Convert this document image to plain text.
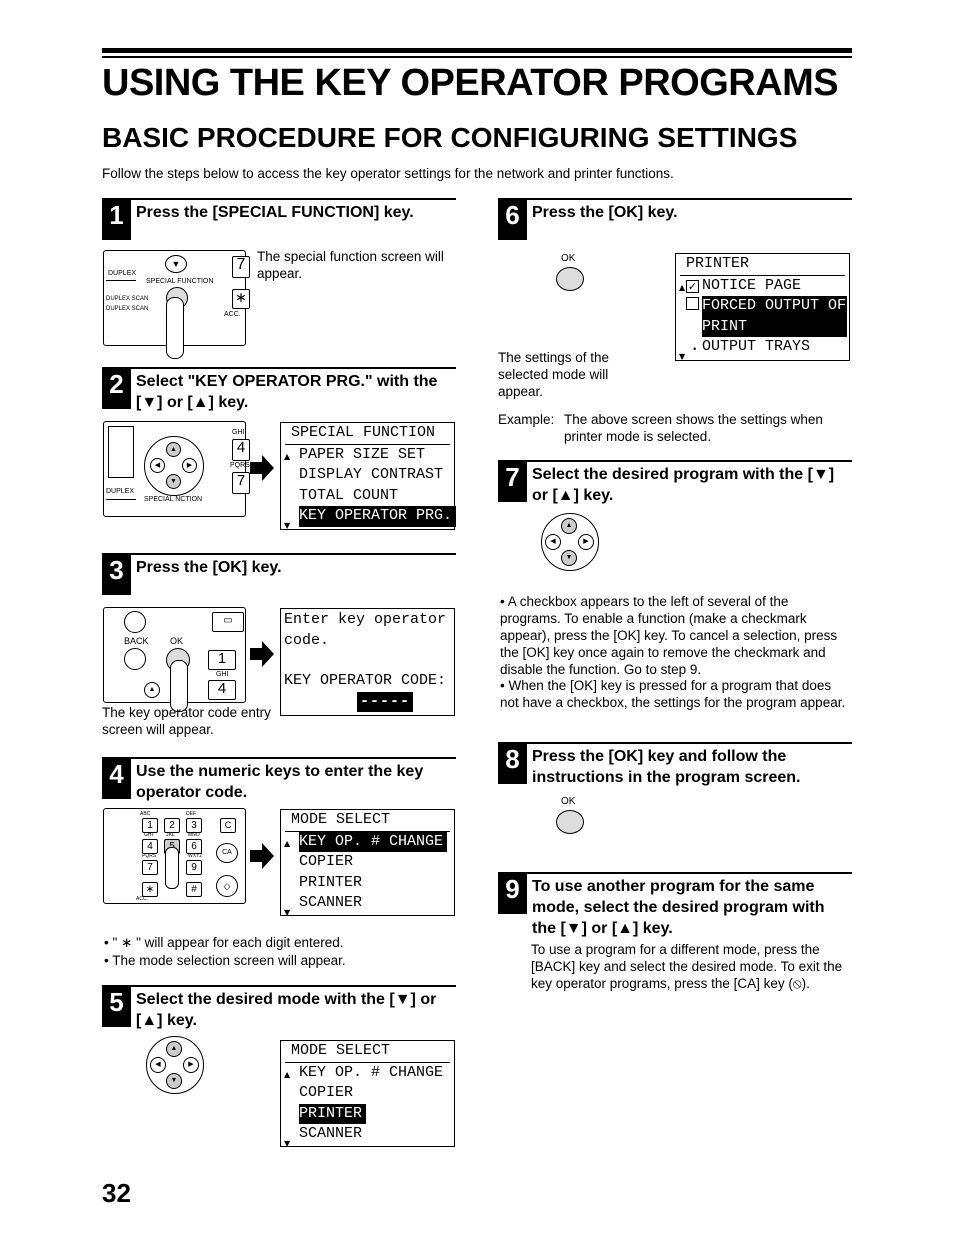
USING THE KEY OPERATOR PROGRAMS
BASIC PROCEDURE FOR CONFIGURING SETTINGS
Follow the steps below to access the key operator settings for the network and printer functions.
1 Press the [SPECIAL FUNCTION] key.
DUPLEX
SPECIAL FUNCTION
DUPLEX SCAN
DUPLEX SCAN
▼	7
∗
ACC.
The special function screen will appear.
2 Select "KEY OPERATOR PRG." with the [▼] or [▲] key.
DUPLEX
▲
◀	▶
▼
SPECIAL NCTION
GHI
4
PQRS
7
SPECIAL FUNCTION
▲ PAPER SIZE SET
DISPLAY CONTRAST
TOTAL COUNT
▼
KEY OPERATOR PRG.
3 Press the [OK] key.
▭
BACK OK
1
GHI
4
▲
Enter key operator
code.
KEY OPERATOR CODE:
-----
The key operator code entry screen will appear.
4 Use the numeric keys to enter the key operator code.
ABC	DEF
1	2	3
GHI	JKL	MNO
4	6
PQRS	WXYZ
7	9
∗	#
ACC.
C
CA
◇
MODE SELECT
▲ KEY OP. # CHANGE
COPIER
PRINTER
▼
SCANNER
• " ∗ " will appear for each digit entered.
• The mode selection screen will appear.
5 Select the desired mode with the [▼] or [▲] key.
▲
◀	▶
▼
MODE SELECT
▲ KEY OP. # CHANGE
COPIER
PRINTER
▼
SCANNER
6 Press the [OK] key.
OK	PRINTER
▲ ✓ NOTICE PAGE
FORCED OUTPUT OF
PRINT
▼
• OUTPUT TRAYS
The settings of the selected mode will appear.
Example: The above screen shows the settings when printer mode is selected.
7 Select the desired program with the [▼] or [▲] key.
▲
◀	▶
▼
• A checkbox appears to the left of several of the programs. To enable a function (make a checkmark appear), press the [OK] key. To cancel a selection, press the [OK] key once again to remove the checkmark and disable the function. Go to step 9.
• When the [OK] key is pressed for a program that does not have a checkbox, the settings for the program appear.
8 Press the [OK] key and follow the instructions in the program screen.
OK
9 To use another program for the same mode, select the desired program with the [▼] or [▲] key.
To use a program for a different mode, press the [BACK] key and select the desired mode. To exit the key operator programs, press the [CA] key (⦸).
32
